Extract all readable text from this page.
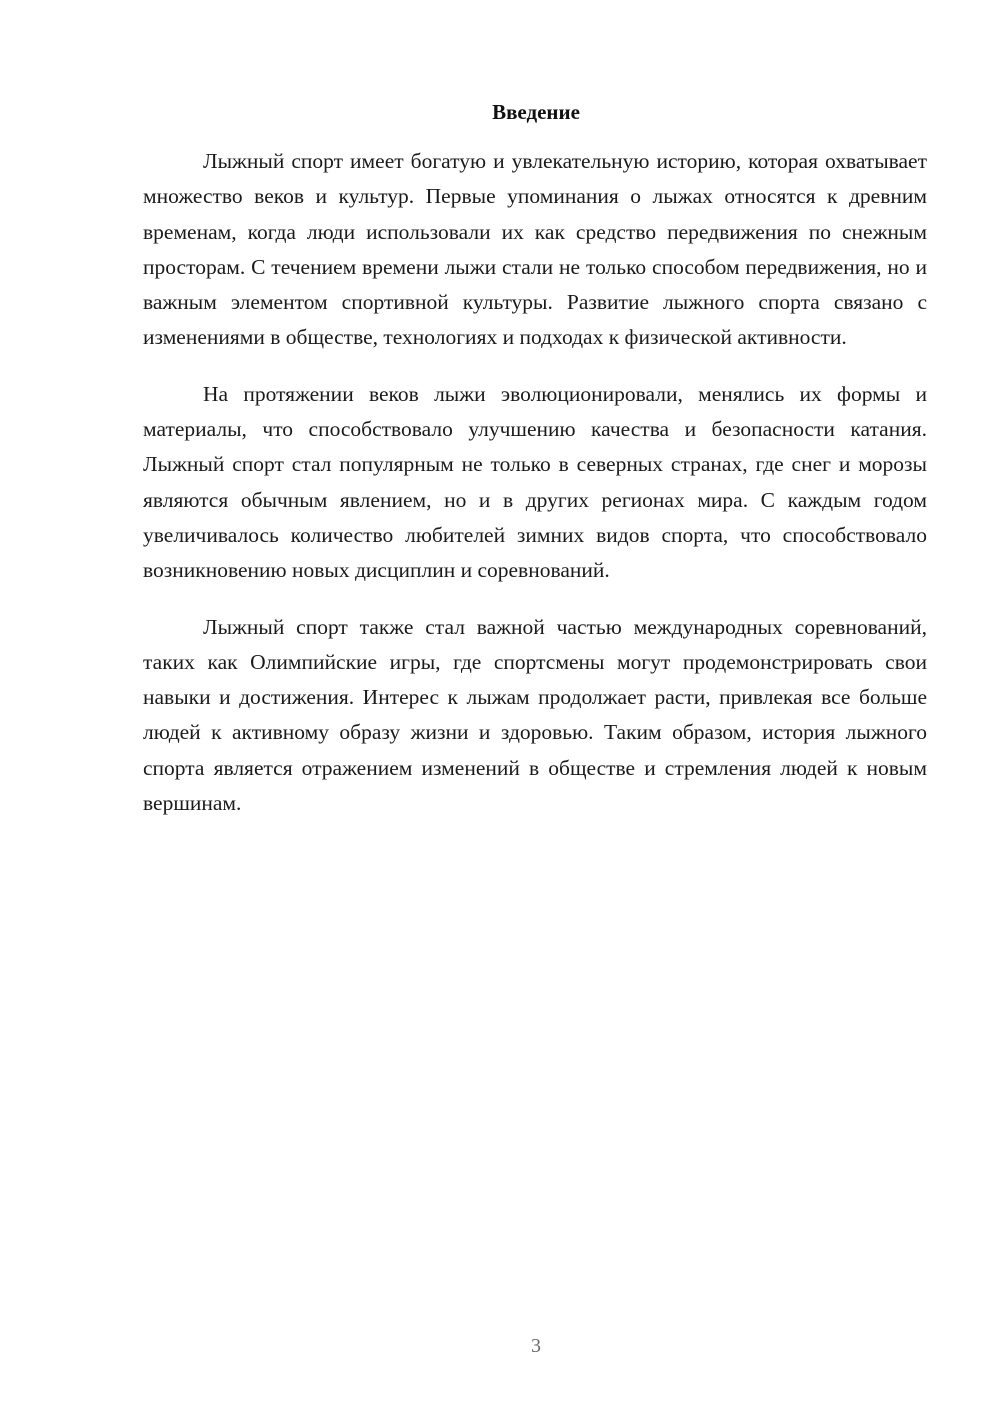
Введение

Лыжный спорт имеет богатую и увлекательную историю, которая охватывает множество веков и культур. Первые упоминания о лыжах относятся к древним временам, когда люди использовали их как средство передвижения по снежным просторам. С течением времени лыжи стали не только способом передвижения, но и важным элементом спортивной культуры. Развитие лыжного спорта связано с изменениями в обществе, технологиях и подходах к физической активности.

На протяжении веков лыжи эволюционировали, менялись их формы и материалы, что способствовало улучшению качества и безопасности катания. Лыжный спорт стал популярным не только в северных странах, где снег и морозы являются обычным явлением, но и в других регионах мира. С каждым годом увеличивалось количество любителей зимних видов спорта, что способствовало возникновению новых дисциплин и соревнований.

Лыжный спорт также стал важной частью международных соревнований, таких как Олимпийские игры, где спортсмены могут продемонстрировать свои навыки и достижения. Интерес к лыжам продолжает расти, привлекая все больше людей к активному образу жизни и здоровью. Таким образом, история лыжного спорта является отражением изменений в обществе и стремления людей к новым вершинам.

3
